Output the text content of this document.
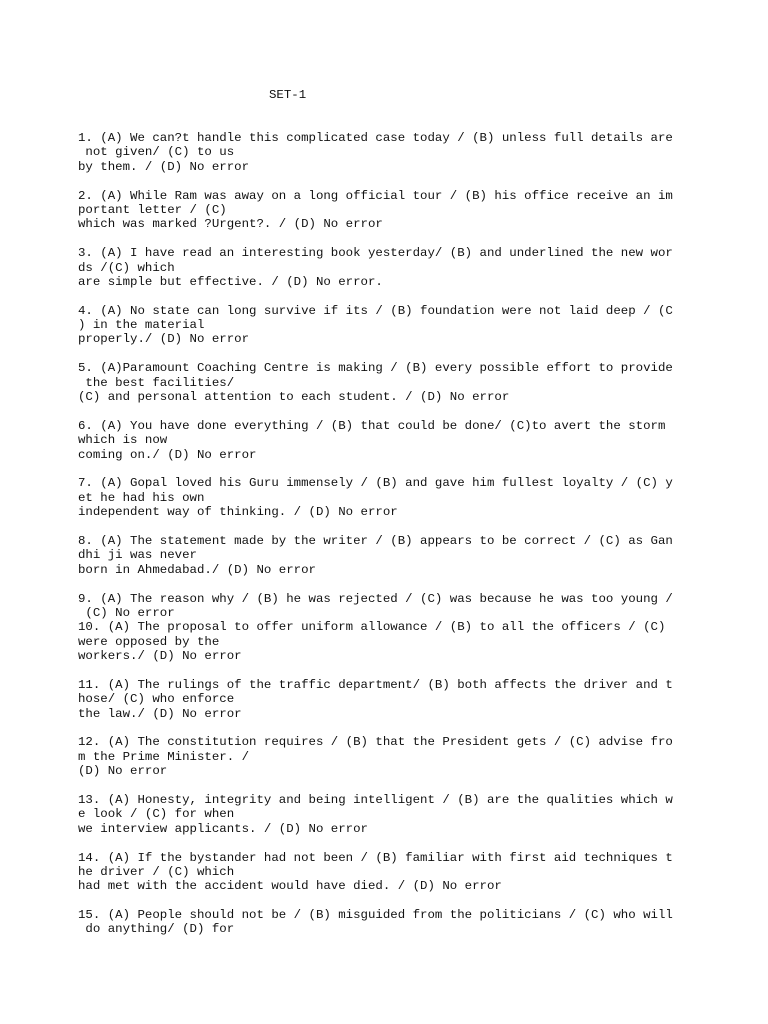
SET-1
1. (A) We can?t handle this complicated case today / (B) unless full details are
not given/ (C) to us
by them. / (D) No error
2. (A) While Ram was away on a long official tour / (B) his office receive an im
portant letter / (C)
which was marked ?Urgent?. / (D) No error
3. (A) I have read an interesting book yesterday/ (B) and underlined the new wor
ds /(C) which
are simple but effective. / (D) No error.
4. (A) No state can long survive if its / (B) foundation were not laid deep / (C
) in the material
properly./ (D) No error
5. (A)Paramount Coaching Centre is making / (B) every possible effort to provide
the best facilities/
(C) and personal attention to each student. / (D) No error
6. (A) You have done everything / (B) that could be done/ (C)to avert the storm
which is now
coming on./ (D) No error
7. (A) Gopal loved his Guru immensely / (B) and gave him fullest loyalty / (C) y
et he had his own
independent way of thinking. / (D) No error
8. (A) The statement made by the writer / (B) appears to be correct / (C) as Gan
dhi ji was never
born in Ahmedabad./ (D) No error
9. (A) The reason why / (B) he was rejected / (C) was because he was too young /
(C) No error
10. (A) The proposal to offer uniform allowance / (B) to all the officers / (C)
were opposed by the
workers./ (D) No error
11. (A) The rulings of the traffic department/ (B) both affects the driver and t
hose/ (C) who enforce
the law./ (D) No error
12. (A) The constitution requires / (B) that the President gets / (C) advise fro
m the Prime Minister. /
(D) No error
13. (A) Honesty, integrity and being intelligent / (B) are the qualities which w
e look / (C) for when
we interview applicants. / (D) No error
14. (A) If the bystander had not been / (B) familiar with first aid techniques t
he driver / (C) which
had met with the accident would have died. / (D) No error
15. (A) People should not be / (B) misguided from the politicians / (C) who will
do anything/ (D) for
